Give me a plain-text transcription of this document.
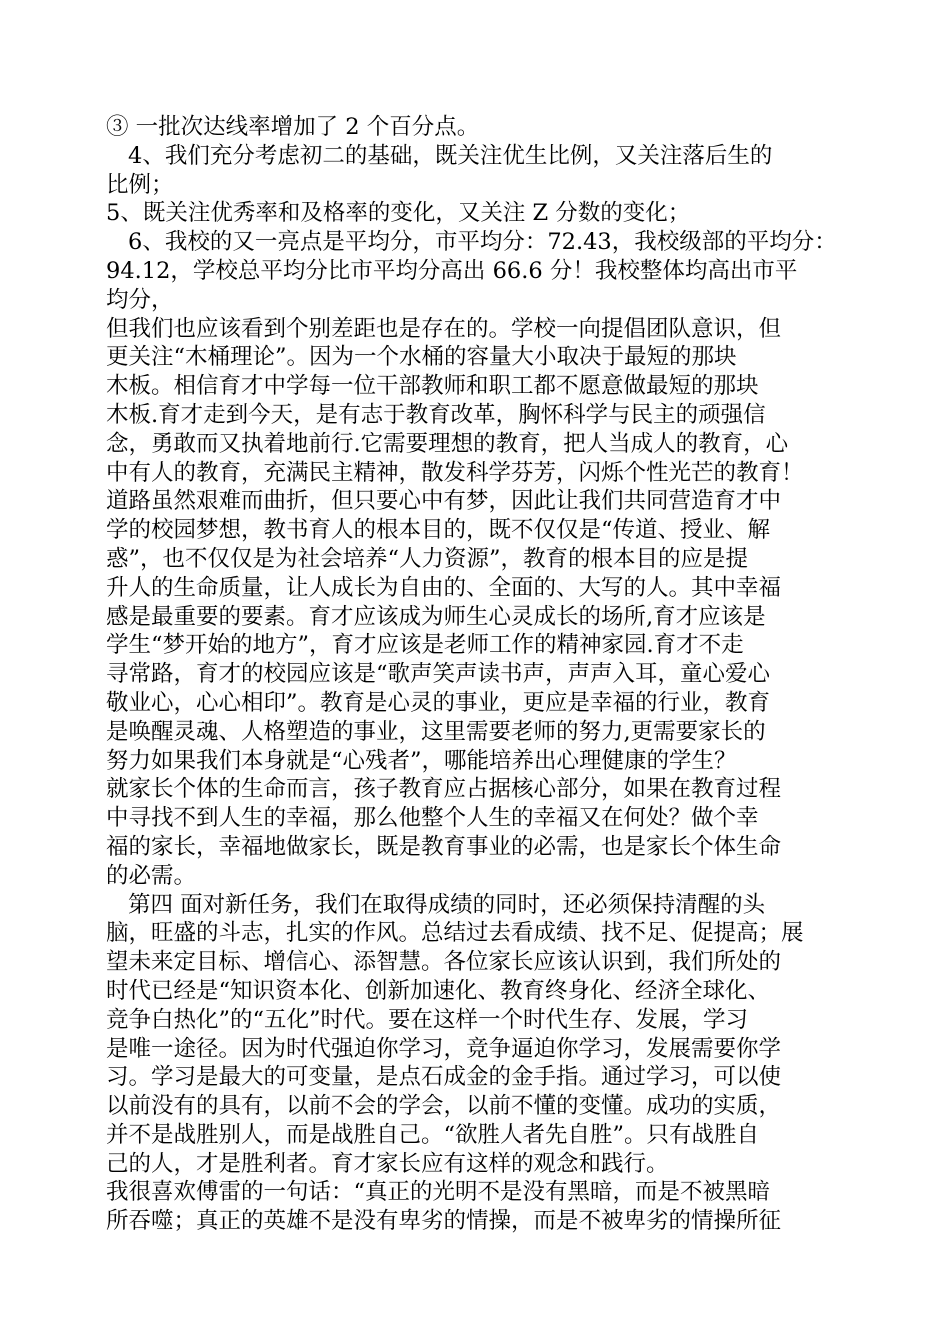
③ 一批次达线率增加了 2 个百分点。
4、我们充分考虑初二的基础，既关注优生比例，又关注落后生的
比例；
5、既关注优秀率和及格率的变化，又关注 Z 分数的变化；
6、我校的又一亮点是平均分，市平均分：72.43，我校级部的平均分：
94.12，学校总平均分比市平均分高出 66.6 分！我校整体均高出市平
均分，
但我们也应该看到个别差距也是存在的。学校一向提倡团队意识，但
更关注“木桶理论”。因为一个水桶的容量大小取决于最短的那块
木板。相信育才中学每一位干部教师和职工都不愿意做最短的那块
木板.育才走到今天，是有志于教育改革，胸怀科学与民主的顽强信
念，勇敢而又执着地前行.它需要理想的教育，把人当成人的教育，心
中有人的教育，充满民主精神，散发科学芬芳，闪烁个性光芒的教育！
道路虽然艰难而曲折，但只要心中有梦，因此让我们共同营造育才中
学的校园梦想，教书育人的根本目的，既不仅仅是“传道、授业、解
惑”，也不仅仅是为社会培养“人力资源”，教育的根本目的应是提
升人的生命质量，让人成长为自由的、全面的、大写的人。其中幸福
感是最重要的要素。育才应该成为师生心灵成长的场所,育才应该是
学生“梦开始的地方”，育才应该是老师工作的精神家园.育才不走
寻常路，育才的校园应该是“歌声笑声读书声，声声入耳，童心爱心
敬业心，心心相印”。教育是心灵的事业，更应是幸福的行业，教育
是唤醒灵魂、人格塑造的事业，这里需要老师的努力,更需要家长的
努力如果我们本身就是“心残者”，哪能培养出心理健康的学生？
就家长个体的生命而言，孩子教育应占据核心部分，如果在教育过程
中寻找不到人生的幸福，那么他整个人生的幸福又在何处？做个幸
福的家长，幸福地做家长，既是教育事业的必需，也是家长个体生命
的必需。
第四 面对新任务，我们在取得成绩的同时，还必须保持清醒的头
脑，旺盛的斗志，扎实的作风。总结过去看成绩、找不足、促提高；展
望未来定目标、增信心、添智慧。各位家长应该认识到，我们所处的
时代已经是“知识资本化、创新加速化、教育终身化、经济全球化、
竞争白热化”的“五化”时代。要在这样一个时代生存、发展，学习
是唯一途径。因为时代强迫你学习，竞争逼迫你学习，发展需要你学
习。学习是最大的可变量，是点石成金的金手指。通过学习，可以使
以前没有的具有，以前不会的学会，以前不懂的变懂。成功的实质，
并不是战胜别人，而是战胜自己。“欲胜人者先自胜”。只有战胜自
己的人，才是胜利者。育才家长应有这样的观念和践行。
我很喜欢傅雷的一句话：“真正的光明不是没有黑暗，而是不被黑暗
所吞噬；真正的英雄不是没有卑劣的情操，而是不被卑劣的情操所征
